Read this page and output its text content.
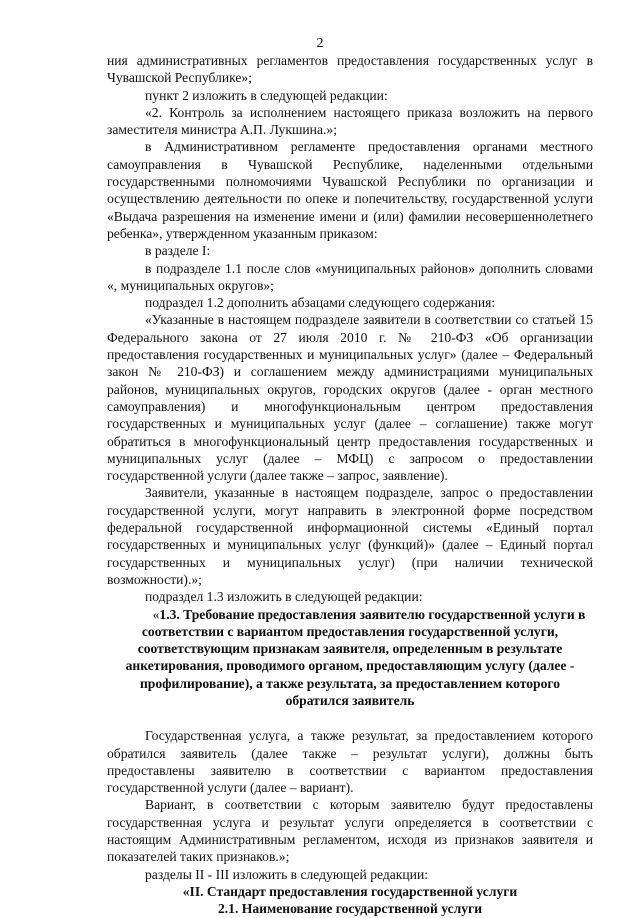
2

ния административных регламентов предоставления государственных услуг в Чувашской Республике»;

пункт 2 изложить в следующей редакции:

«2. Контроль за исполнением настоящего приказа возложить на первого заместителя министра А.П. Лукшина.»;

в Административном регламенте предоставления органами местного самоуправления в Чувашской Республике, наделенными отдельными государственными полномочиями Чувашской Республики по организации и осуществлению деятельности по опеке и попечительству, государственной услуги «Выдача разрешения на изменение имени и (или) фамилии несовершеннолетнего ребенка», утвержденном указанным приказом:

в разделе I:

в подразделе 1.1 после слов «муниципальных районов» дополнить словами «, муниципальных округов»;

подраздел 1.2 дополнить абзацами следующего содержания:

«Указанные в настоящем подразделе заявители в соответствии со статьей 15 Федерального закона от 27 июля 2010 г. № 210-ФЗ «Об организации предоставления государственных и муниципальных услуг» (далее – Федеральный закон № 210-ФЗ) и соглашением между администрациями муниципальных районов, муниципальных округов, городских округов (далее - орган местного самоуправления) и многофункциональным центром предоставления государственных и муниципальных услуг (далее – соглашение) также могут обратиться в многофункциональный центр предоставления государственных и муниципальных услуг (далее – МФЦ) с запросом о предоставлении государственной услуги (далее также – запрос, заявление).

Заявители, указанные в настоящем подразделе, запрос о предоставлении государственной услуги, могут направить в электронной форме посредством федеральной государственной информационной системы «Единый портал государственных и муниципальных услуг (функций)» (далее – Единый портал государственных и муниципальных услуг) (при наличии технической возможности).»;

подраздел 1.3 изложить в следующей редакции:

«1.3. Требование предоставления заявителю государственной услуги в соответствии с вариантом предоставления государственной услуги, соответствующим признакам заявителя, определенным в результате анкетирования, проводимого органом, предоставляющим услугу (далее - профилирование), а также результата, за предоставлением которого обратился заявитель

Государственная услуга, а также результат, за предоставлением которого обратился заявитель (далее также – результат услуги), должны быть предоставлены заявителю в соответствии с вариантом предоставления государственной услуги (далее – вариант).

Вариант, в соответствии с которым заявителю будут предоставлены государственная услуга и результат услуги определяется в соответствии с настоящим Административным регламентом, исходя из признаков заявителя и показателей таких признаков.»;

разделы II - III изложить в следующей редакции:

«II. Стандарт предоставления государственной услуги

2.1. Наименование государственной услуги
